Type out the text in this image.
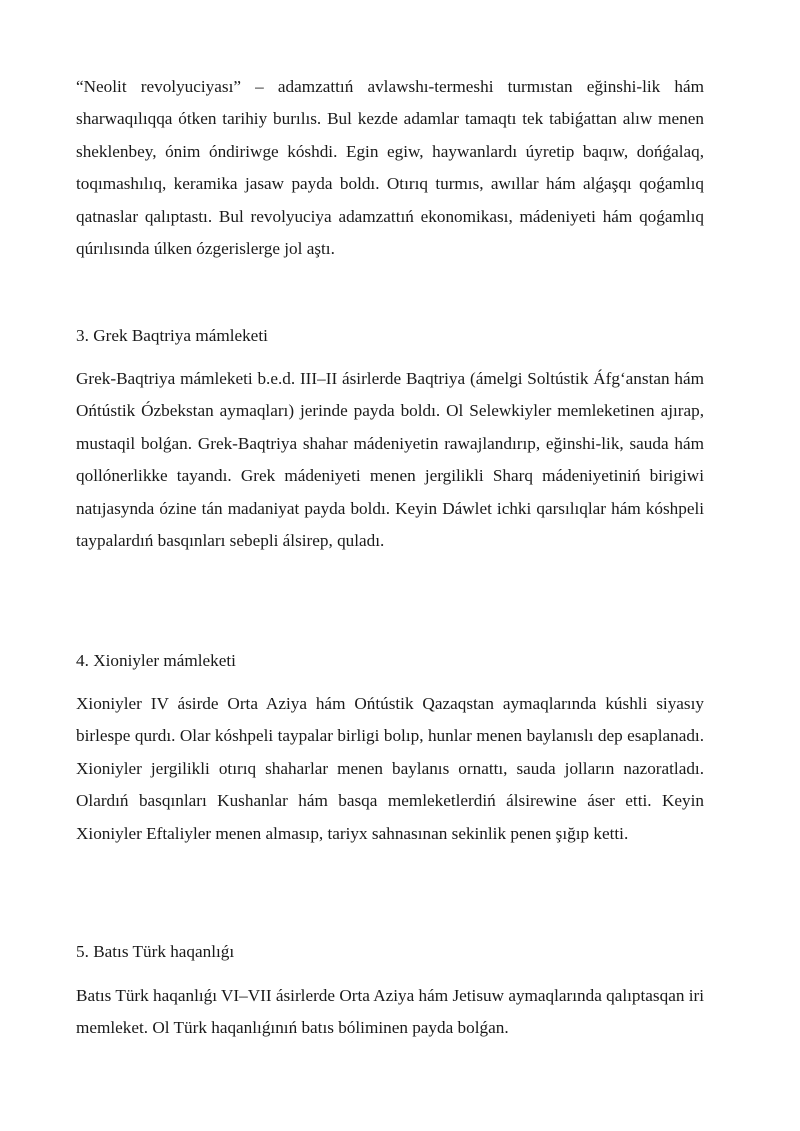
“Neolit revolyuciyası” – adamzattıń avlawshı-termeshi turmıstan eğinshi-lik hám sharwaqılıqqa ótken tarihiy burılıs. Bul kezde adamlar tamaqtı tek tabiǵattan alıw menen sheklenbey, ónim óndiriwge kóshdi. Egin egiw, haywanlardı úyretip baqıw, dońǵalaq, toqımashılıq, keramika jasaw payda boldı. Otırıq turmıs, awıllar hám alǵaşqı qoǵamlıq qatnaslar qalıptastı. Bul revolyuciya adamzattıń ekonomikası, mádeniyeti hám qoǵamlıq qúrılısında úlken ózgerislerge jol aştı.

3. Grek Baqtriya mámleketi

Grek-Baqtriya mámleketi b.e.d. III–II ásirlerde Baqtriya (ámelgi Soltústik Áfg‘anstan hám Ońtústik Ózbekstan aymaqları) jerinde payda boldı. Ol Selewkiyler memleketinen ajırap, mustaqil bolǵan. Grek-Baqtriya shahar mádeniyetin rawajlandırıp, eğinshi-lik, sauda hám qollónerlikke tayandı. Grek mádeniyeti menen jergilikli Sharq mádeniyetiniń birigiwi natıjasynda ózine tán madaniyat payda boldı. Keyin Dáwlet ichki qarsılıqlar hám kóshpeli taypalardıń basqınları sebepli álsirep, quladı.

4. Xioniyler mámleketi

Xioniyler IV ásirde Orta Aziya hám Ońtústik Qazaqstan aymaqlarında kúshli siyasıy birlespe qurdı. Olar kóshpeli taypalar birligi bolıp, hunlar menen baylanıslı dep esaplanadı. Xioniyler jergilikli otırıq shaharlar menen baylanıs ornattı, sauda jolların nazoratladı. Olardıń basqınları Kushanlar hám basqa memleketlerdiń álsirewine áser etti. Keyin Xioniyler Eftaliyler menen almasıp, tariyx sahnasınan sekinlik penen şığıp ketti.

5. Batıs Türk haqanlıǵı

Batıs Türk haqanlıǵı VI–VII ásirlerde Orta Aziya hám Jetisuw aymaqlarında qalıptasqan iri memleket. Ol Türk haqanlıǵınıń batıs bóliminen payda bolǵan.
